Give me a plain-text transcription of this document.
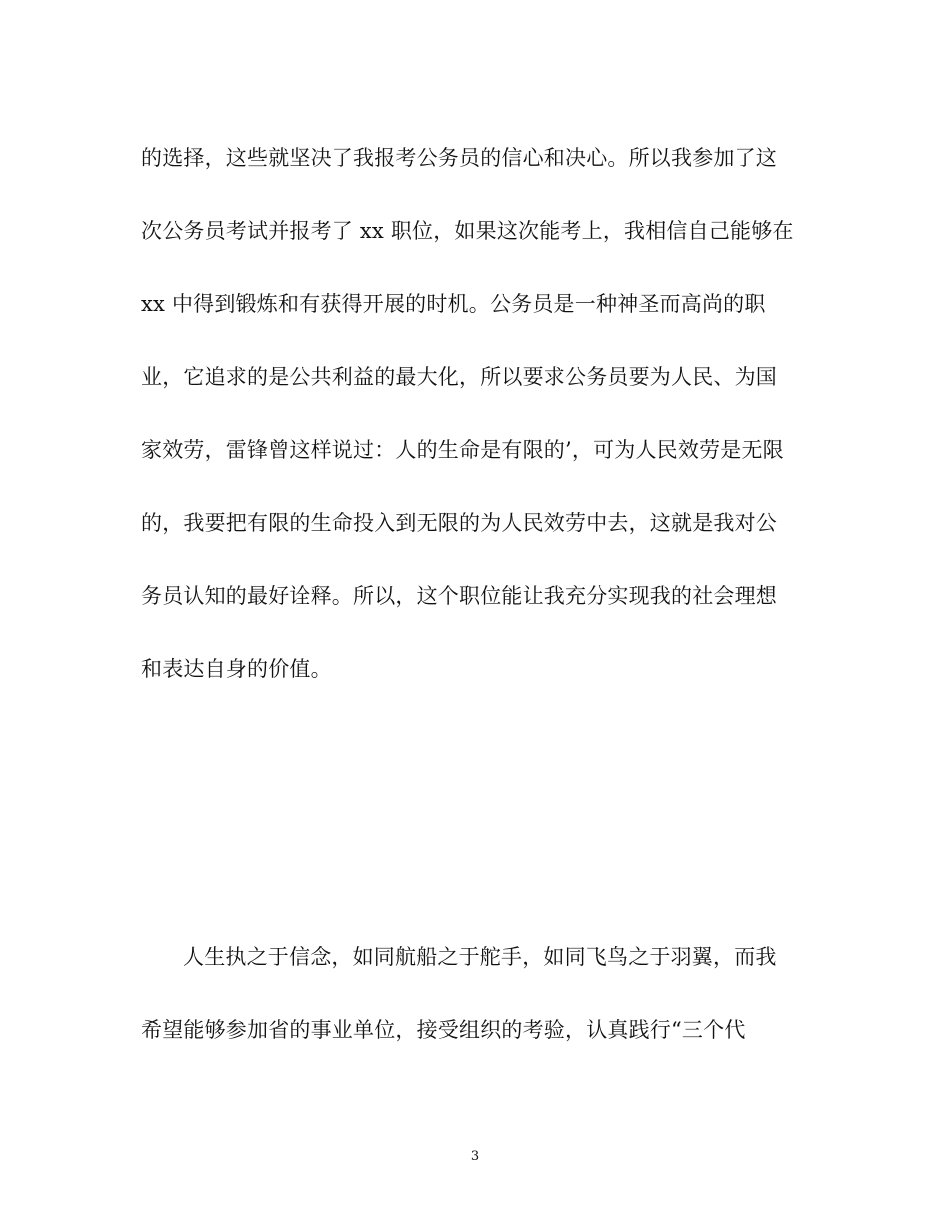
的选择，这些就坚决了我报考公务员的信心和决心。所以我参加了这
次公务员考试并报考了 xx 职位，如果这次能考上，我相信自己能够在
xx 中得到锻炼和有获得开展的时机。公务员是一种神圣而高尚的职
业，它追求的是公共利益的最大化，所以要求公务员要为人民、为国
家效劳，雷锋曾这样说过：人的生命是有限的’，可为人民效劳是无限
的，我要把有限的生命投入到无限的为人民效劳中去，这就是我对公
务员认知的最好诠释。所以，这个职位能让我充分实现我的社会理想
和表达自身的价值。
人生执之于信念，如同航船之于舵手，如同飞鸟之于羽翼，而我
希望能够参加省的事业单位，接受组织的考验，认真践行“三个代
3
